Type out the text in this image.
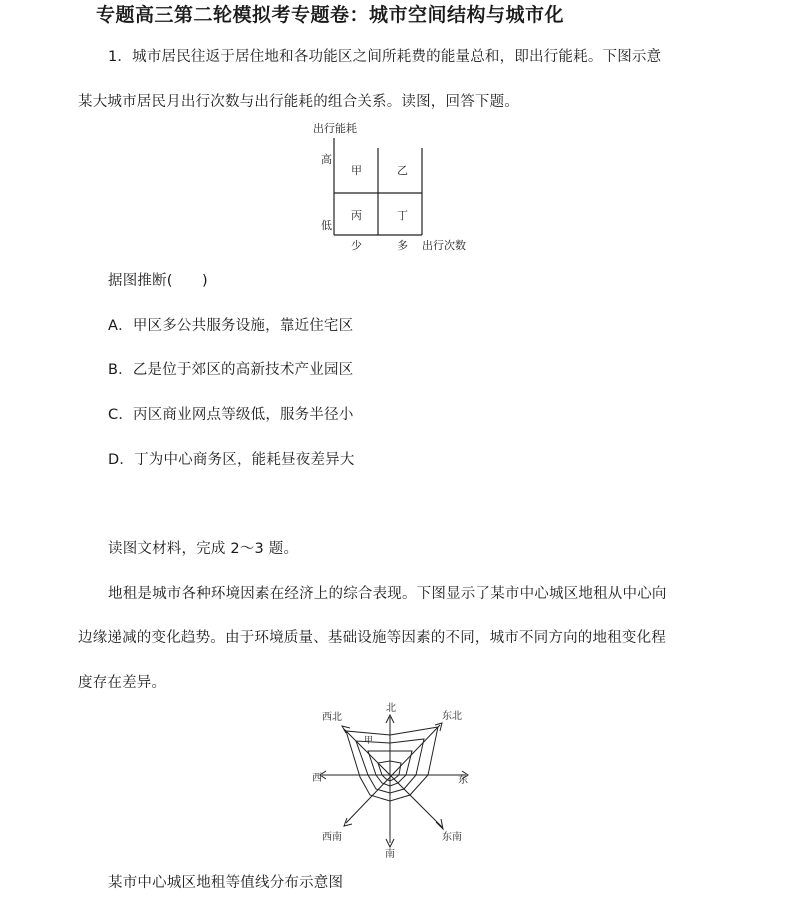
专题高三第二轮模拟考专题卷：城市空间结构与城市化
1．城市居民往返于居住地和各功能区之间所耗费的能量总和，即出行能耗。下图示意
某大城市居民月出行次数与出行能耗的组合关系。读图，回答下题。
出行能耗
高
低
甲	乙
丙	丁
少	多 出行次数
据图推断(　　)
A．甲区多公共服务设施，靠近住宅区
B．乙是位于郊区的高新技术产业园区
C．丙区商业网点等级低，服务半径小
D．丁为中心商务区，能耗昼夜差异大
读图文材料，完成 2～3 题。
地租是城市各种环境因素在经济上的综合表现。下图显示了某市中心城区地租从中心向
边缘递减的变化趋势。由于环境质量、基础设施等因素的不同，城市不同方向的地租变化程
度存在差异。
北
东北
东
东南
南
西南
西
西北
甲
某市中心城区地租等值线分布示意图
